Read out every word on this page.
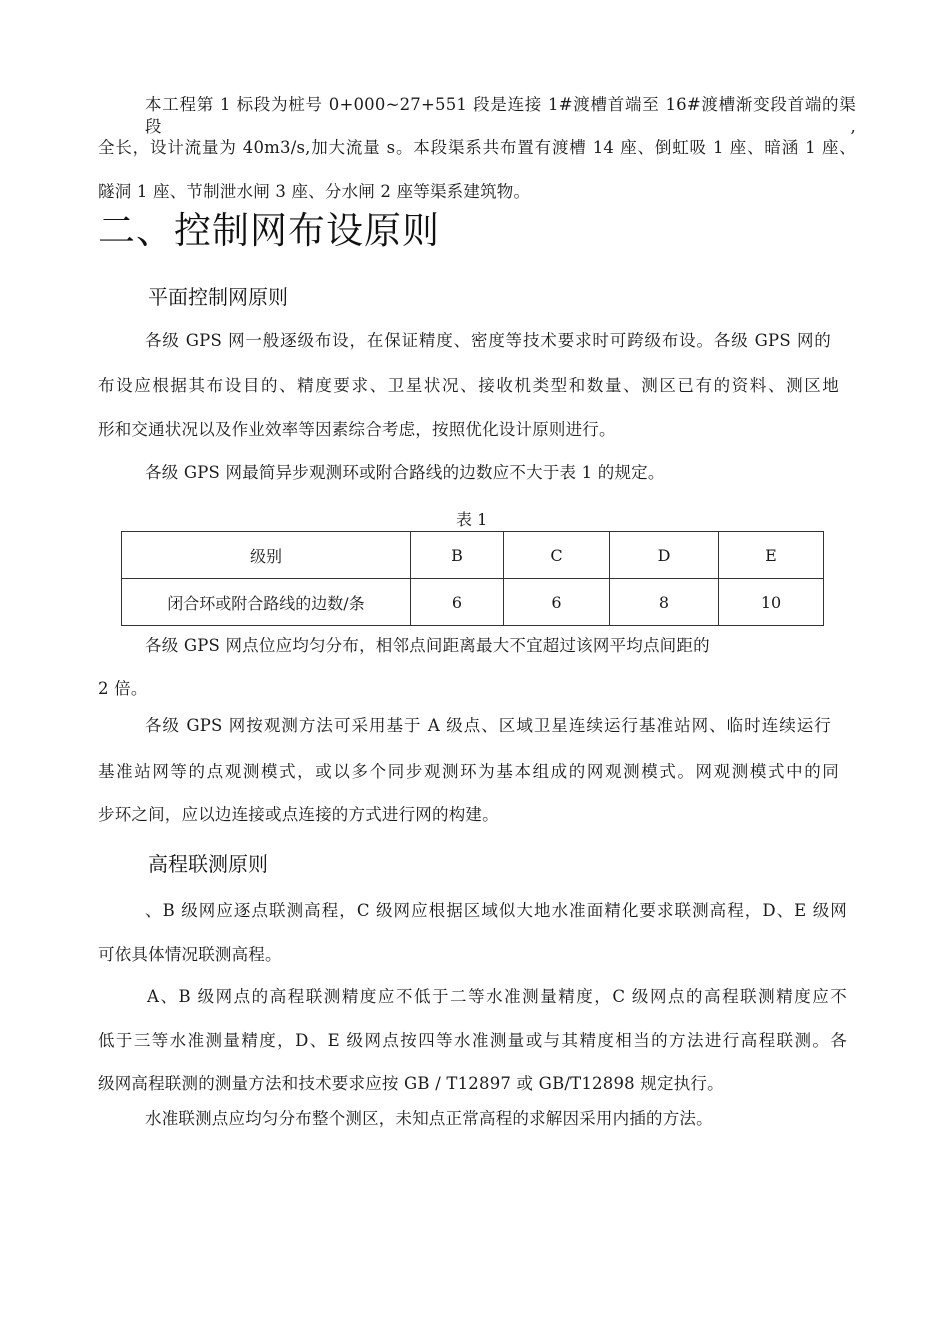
本工程第 1 标段为桩号 0+000~27+551 段是连接 1#渡槽首端至 16#渡槽渐变段首端的渠段,
全长，设计流量为 40m3/s,加大流量 s。本段渠系共布置有渡槽 14 座、倒虹吸 1 座、暗涵 1 座、
隧洞 1 座、节制泄水闸 3 座、分水闸 2 座等渠系建筑物。
二、控制网布设原则
平面控制网原则
各级 GPS 网一般逐级布设，在保证精度、密度等技术要求时可跨级布设。各级 GPS 网的
布设应根据其布设目的、精度要求、卫星状况、接收机类型和数量、测区已有的资料、测区地
形和交通状况以及作业效率等因素综合考虑，按照优化设计原则进行。
各级 GPS 网最简异步观测环或附合路线的边数应不大于表 1 的规定。
表 1
级别	B	C	D	E
闭合环或附合路线的边数/条	6	6	8	10
各级 GPS 网点位应均匀分布，相邻点间距离最大不宜超过该网平均点间距的
2 倍。
各级 GPS 网按观测方法可采用基于 A 级点、区域卫星连续运行基准站网、临时连续运行
基准站网等的点观测模式，或以多个同步观测环为基本组成的网观测模式。网观测模式中的同
步环之间，应以边连接或点连接的方式进行网的构建。
高程联测原则
、B 级网应逐点联测高程，C 级网应根据区域似大地水准面精化要求联测高程，D、E 级网
可依具体情况联测高程。
A、B 级网点的高程联测精度应不低于二等水准测量精度，C 级网点的高程联测精度应不
低于三等水准测量精度，D、E 级网点按四等水准测量或与其精度相当的方法进行高程联测。各
级网高程联测的测量方法和技术要求应按 GB / T12897 或 GB/T12898 规定执行。
水准联测点应均匀分布整个测区，未知点正常高程的求解因采用内插的方法。
